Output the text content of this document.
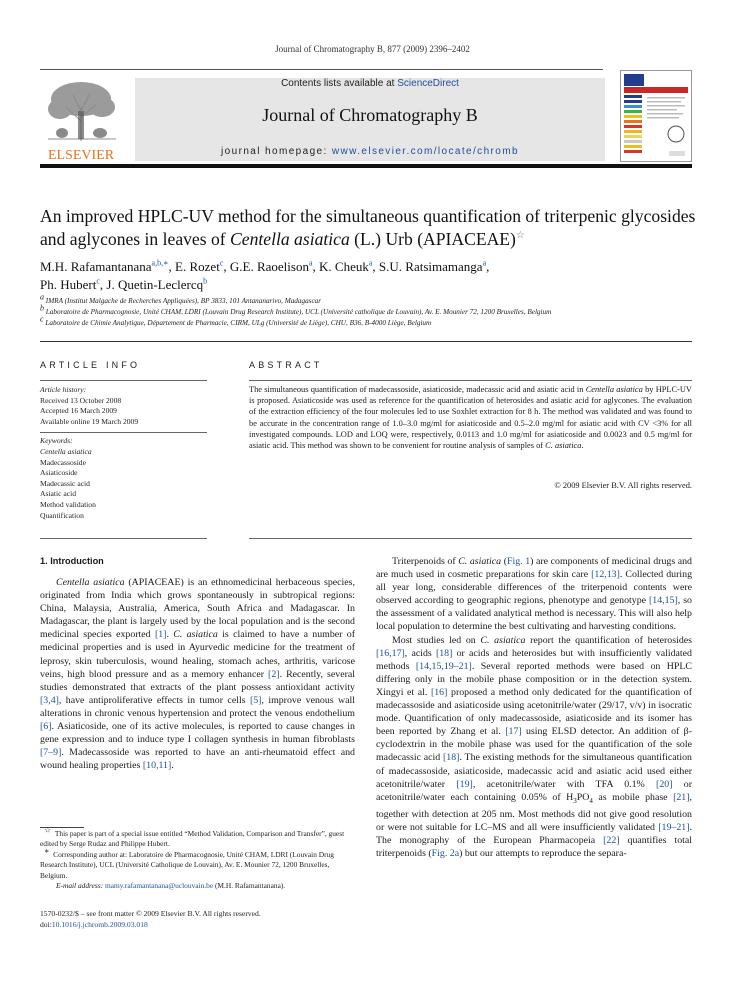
Journal of Chromatography B, 877 (2009) 2396–2402
ELSEVIER
Contents lists available at ScienceDirect
Journal of Chromatography B
journal homepage: www.elsevier.com/locate/chromb
An improved HPLC-UV method for the simultaneous quantification of triterpenic glycosides and aglycones in leaves of Centella asiatica (L.) Urb (APIACEAE)☆
M.H. Rafamantanana$^{a,b,∗}$, E. Rozet$^c$, G.E. Raoelison$^a$, K. Cheuk$^a$, S.U. Ratsimamanga$^a$,
Ph. Hubert$^c$, J. Quetin-Leclercq$^b$
$^a$ IMRA (Institut Malgache de Recherches Appliquées), BP 3833, 101 Antananarivo, Madagascar
$^b$ Laboratoire de Pharmacognosie, Unité CHAM, LDRI (Louvain Drug Research Institute), UCL (Université catholique de Louvain), Av. E. Mounier 72, 1200 Bruxelles, Belgium
$^c$ Laboratoire de Chimie Analytique, Département de Pharmacie, CIRM, ULg (Université de Liège), CHU, B36, B-4000 Liège, Belgium
ARTICLE INFO	ABSTRACT
Article history:
Received 13 October 2008
Accepted 16 March 2009
Available online 19 March 2009
Keywords:
Centella asiatica
Madecassoside
Asiaticoside
Madecassic acid
Asiatic acid
Method validation
Quantification
The simultaneous quantification of madecassoside, asiaticoside, madecassic acid and asiatic acid in Centella asiatica by HPLC-UV is proposed. Asiaticoside was used as reference for the quantification of heterosides and asiatic acid for aglycones. The evaluation of the extraction efficiency of the four molecules led to use Soxhlet extraction for 8 h. The method was validated and was found to be accurate in the concentration range of 1.0–3.0 mg/ml for asiaticoside and 0.5–2.0 mg/ml for asiatic acid with CV <3% for all investigated compounds. LOD and LOQ were, respectively, 0.0113 and 1.0 mg/ml for asiaticoside and 0.0023 and 0.5 mg/ml for asiatic acid. This method was shown to be convenient for routine analysis of samples of C. asiatica.
© 2009 Elsevier B.V. All rights reserved.
1. Introduction
Centella asiatica (APIACEAE) is an ethnomedicinal herbaceous species, originated from India which grows spontaneously in subtropical regions: China, Malaysia, Australia, America, South Africa and Madagascar. In Madagascar, the plant is largely used by the local population and is the second medicinal species exported [1]. C. asiatica is claimed to have a number of medicinal properties and is used in Ayurvedic medicine for the treatment of leprosy, skin tuberculosis, wound healing, stomach aches, arthritis, varicose veins, high blood pressure and as a memory enhancer [2]. Recently, several studies demonstrated that extracts of the plant possess antioxidant activity [3,4], have antiproliferative effects in tumor cells [5], improve venous wall alterations in chronic venous hypertension and protect the venous endothelium [6]. Asiaticoside, one of its active molecules, is reported to cause changes in gene expression and to induce type I collagen synthesis in human fibroblasts [7–9]. Madecassoside was reported to have an anti-rheumatoid effect and wound healing properties [10,11].

Triterpenoids of C. asiatica (Fig. 1) are components of medicinal drugs and are much used in cosmetic preparations for skin care [12,13]. Collected during all year long, considerable differences of the triterpenoid contents were observed according to geographic regions, phenotype and genotype [14,15], so the assessment of a validated analytical method is necessary. This will also help local population to determine the best cultivating and harvesting conditions.

Most studies led on C. asiatica report the quantification of heterosides [16,17], acids [18] or acids and heterosides but with insufficiently validated methods [14,15,19–21]. Several reported methods were based on HPLC differing only in the mobile phase composition or in the detection system. Xingyi et al. [16] proposed a method only dedicated for the quantification of madecassoside and asiaticoside using acetonitrile/water (29/17, v/v) in isocratic mode. Quantification of only madecassoside, asiaticoside and its isomer has been reported by Zhang et al. [17] using ELSD detector. An addition of β-cyclodextrin in the mobile phase was used for the quantification of the sole madecassic acid [18]. The existing methods for the simultaneous quantification of madecassoside, asiaticoside, madecassic acid and asiatic acid used either acetonitrile/water [19], acetonitrile/water with TFA 0.1% [20] or acetonitrile/water each containing 0.05% of $H_3PO_4$ as mobile phase [21], together with detection at 205 nm. Most methods did not give good resolution or were not suitable for LC–MS and all were insufficiently validated [19–21]. The monography of the European Pharmacopeia [22] quantifies total triterpenoids (Fig. 2a) but our attempts to reproduce the separa-

☆ This paper is part of a special issue entitled “Method Validation, Comparison and Transfer”, guest edited by Serge Rudaz and Philippe Hubert.

∗ Corresponding author at: Laboratoire de Pharmacognosie, Unité CHAM, LDRI (Louvain Drug Research Institute), UCL (Université Catholique de Louvain), Av. E. Mounier 72, 1200 Bruxelles, Belgium.

E-mail address: mamy.rafamantanana@uclouvain.be (M.H. Rafamantanana).

1570-0232/$ – see front matter © 2009 Elsevier B.V. All rights reserved.
doi:10.1016/j.jchromb.2009.03.018
